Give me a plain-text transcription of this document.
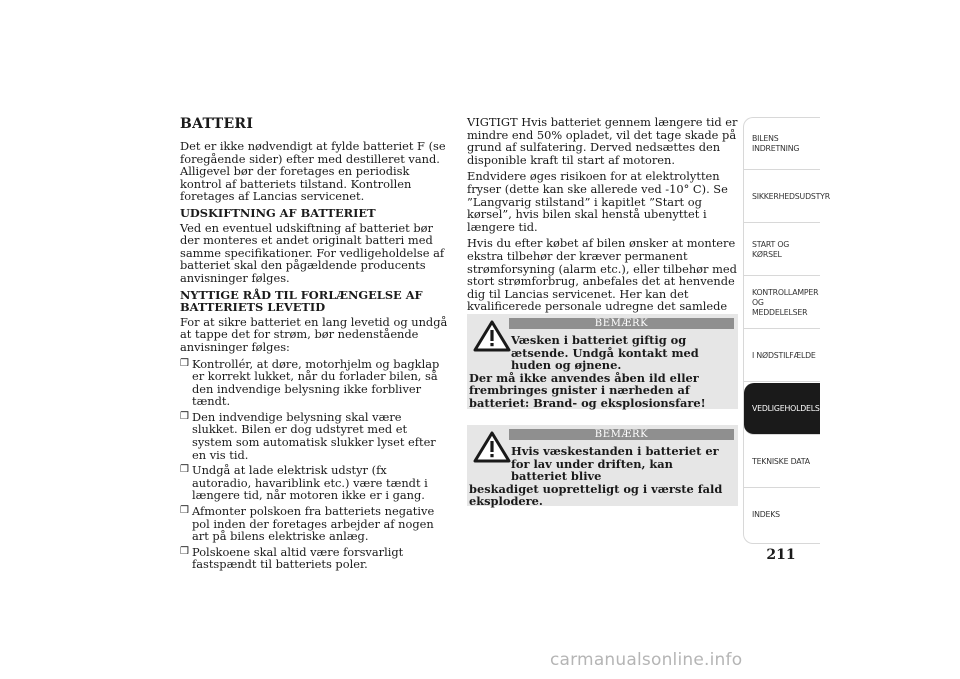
BATTERI
Det er ikke nødvendigt at fylde batteriet F (se foregående sider) efter med destilleret vand. Alligevel bør der foretages en periodisk kontrol af batteriets tilstand. Kontrollen foretages af Lancias servicenet.
UDSKIFTNING AF BATTERIET
Ved en eventuel udskiftning af batteriet bør der monteres et andet originalt batteri med samme specifikationer. For vedligeholdelse af batteriet skal den pågældende producents anvisninger følges.
NYTTIGE RÅD TIL FORLÆNGELSE AF BATTERIETS LEVETID
For at sikre batteriet en lang levetid og undgå at tappe det for strøm, bør nedenstående anvisninger følges:
❒ Kontrollér, at døre, motorhjelm og bagklap er korrekt lukket, når du forlader bilen, så den indvendige belysning ikke forbliver tændt.
❒ Den indvendige belysning skal være slukket. Bilen er dog udstyret med et system som automatisk slukker lyset efter en vis tid.
❒ Undgå at lade elektrisk udstyr (fx autoradio, havariblink etc.) være tændt i længere tid, når motoren ikke er i gang.
❒ Afmonter polskoen fra batteriets negative pol inden der foretages arbejder af nogen art på bilens elektriske anlæg.
❒ Polskoene skal altid være forsvarligt fastspændt til batteriets poler.
VIGTIGT Hvis batteriet gennem længere tid er mindre end 50% opladet, vil det tage skade på grund af sulfatering. Derved nedsættes den disponible kraft til start af motoren.
Endvidere øges risikoen for at elektrolytten fryser (dette kan ske allerede ved -10° C). Se ”Langvarig stilstand” i kapitlet ”Start og kørsel”, hvis bilen skal henstå ubenyttet i længere tid.
Hvis du efter købet af bilen ønsker at montere ekstra tilbehør der kræver permanent strømforsyning (alarm etc.), eller tilbehør med stort strømforbrug, anbefales det at henvende dig til Lancias servicenet. Her kan det kvalificerede personale udregne det samlede
BEMÆRK
Væsken i batteriet giftig og ætsende. Undgå kontakt med huden og øjnene.
Der må ikke anvendes åben ild eller frembringes gnister i nærheden af batteriet: Brand- og eksplosionsfare!
BEMÆRK
Hvis væskestanden i batteriet er for lav under driften, kan batteriet blive
beskadiget uopretteligt og i værste fald eksplodere.
BILENS INDRETNING
SIKKERHEDSUDSTYR
START OG KØRSEL
KONTROLLAMPER OG MEDDELELSER
I NØDSTILFÆLDE
VEDLIGEHOLDELSE
TEKNISKE DATA
INDEKS
211
carmanualsonline.info
